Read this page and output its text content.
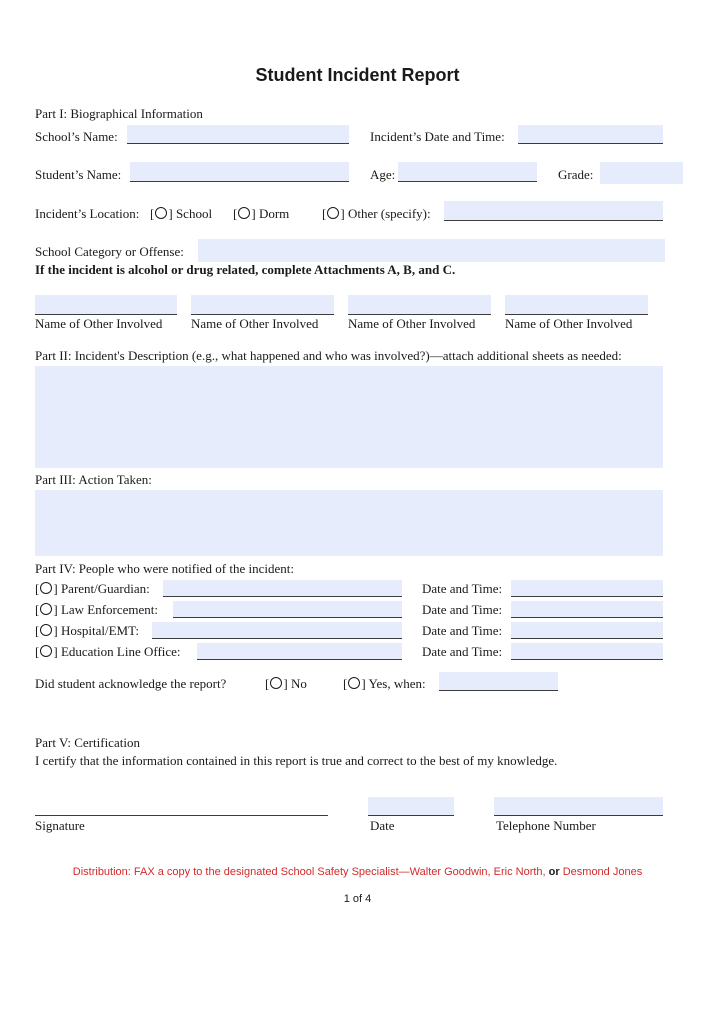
Student Incident Report
Part I: Biographical Information
School’s Name:	Incident’s Date and Time:
Student’s Name:	Age:	Grade:
Incident’s Location: [ ] School [ ] Dorm	[ ] Other (specify):
School Category or Offense:
If the incident is alcohol or drug related, complete Attachments A, B, and C.
Name of Other Involved Name of Other Involved Name of Other Involved Name of Other Involved
Part II: Incident's Description (e.g., what happened and who was involved?)—attach additional sheets as needed:
Part III: Action Taken:
Part IV: People who were notified of the incident:
[ ] Parent/Guardian:	Date and Time:
[ ] Law Enforcement:	Date and Time:
[ ] Hospital/EMT:	Date and Time:
[ ] Education Line Office:	Date and Time:
Did student acknowledge the report?	[ ] No	[ ] Yes, when:
Part V: Certification
I certify that the information contained in this report is true and correct to the best of my knowledge.
Signature	Date	Telephone Number
Distribution: FAX a copy to the designated School Safety Specialist—Walter Goodwin, Eric North, or Desmond Jones
1 of 4
